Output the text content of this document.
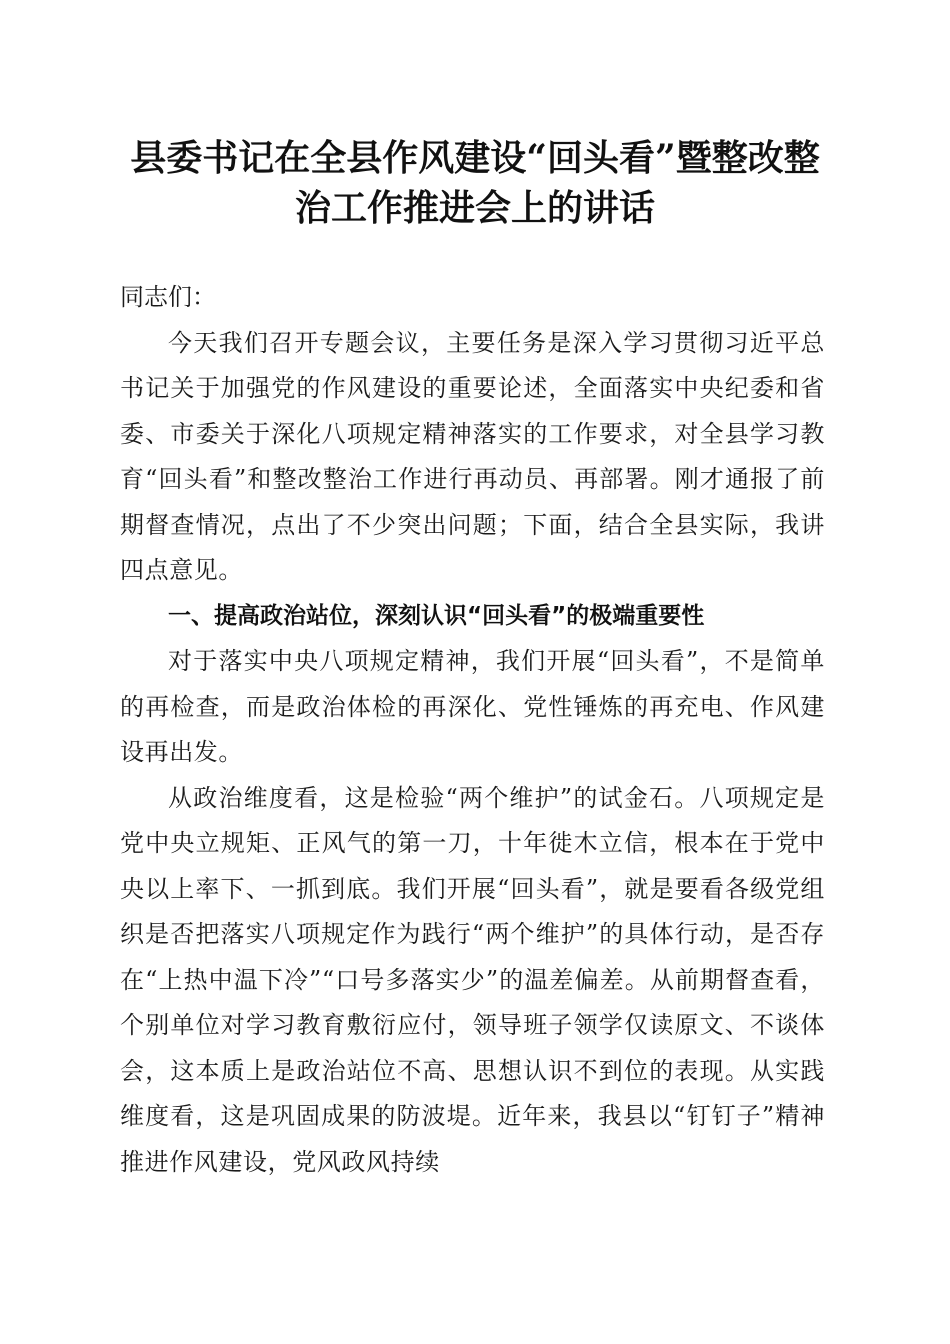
县委书记在全县作风建设“回头看”暨整改整
治工作推进会上的讲话

同志们：

今天我们召开专题会议，主要任务是深入学习贯彻习近平总书记关于加强党的作风建设的重要论述，全面落实中央纪委和省委、市委关于深化八项规定精神落实的工作要求，对全县学习教育“回头看”和整改整治工作进行再动员、再部署。刚才通报了前期督查情况，点出了不少突出问题；下面，结合全县实际，我讲四点意见。

一、提高政治站位，深刻认识“回头看”的极端重要性

对于落实中央八项规定精神，我们开展“回头看”，不是简单的再检查，而是政治体检的再深化、党性锤炼的再充电、作风建设再出发。

从政治维度看，这是检验“两个维护”的试金石。八项规定是党中央立规矩、正风气的第一刀，十年徙木立信，根本在于党中央以上率下、一抓到底。我们开展“回头看”，就是要看各级党组织是否把落实八项规定作为践行“两个维护”的具体行动，是否存在“上热中温下冷”“口号多落实少”的温差偏差。从前期督查看，个别单位对学习教育敷衍应付，领导班子领学仅读原文、不谈体会，这本质上是政治站位不高、思想认识不到位的表现。从实践维度看，这是巩固成果的防波堤。近年来，我县以“钉钉子”精神推进作风建设，党风政风持续
